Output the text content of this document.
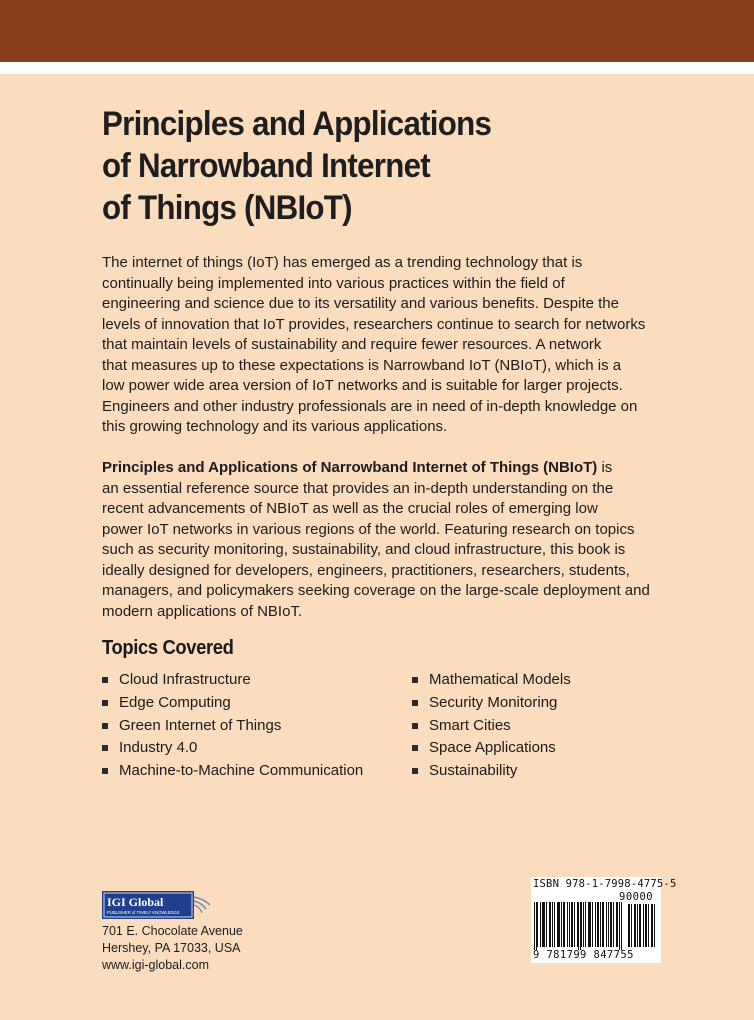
Principles and Applications
of Narrowband Internet
of Things (NBIoT)
The internet of things (IoT) has emerged as a trending technology that is
continually being implemented into various practices within the field of
engineering and science due to its versatility and various benefits. Despite the
levels of innovation that IoT provides, researchers continue to search for networks
that maintain levels of sustainability and require fewer resources. A network
that measures up to these expectations is Narrowband IoT (NBIoT), which is a
low power wide area version of IoT networks and is suitable for larger projects.
Engineers and other industry professionals are in need of in-depth knowledge on
this growing technology and its various applications.
Principles and Applications of Narrowband Internet of Things (NBIoT) is
an essential reference source that provides an in-depth understanding on the
recent advancements of NBIoT as well as the crucial roles of emerging low
power IoT networks in various regions of the world. Featuring research on topics
such as security monitoring, sustainability, and cloud infrastructure, this book is
ideally designed for developers, engineers, practitioners, researchers, students,
managers, and policymakers seeking coverage on the large-scale deployment and
modern applications of NBIoT.
Topics Covered
Cloud Infrastructure
Edge Computing
Green Internet of Things
Industry 4.0
Machine-to-Machine Communication
Mathematical Models
Security Monitoring
Smart Cities
Space Applications
Sustainability
IGI Global
PUBLISHER of TIMELY KNOWLEDGE
701 E. Chocolate Avenue
Hershey, PA 17033, USA
www.igi-global.com
ISBN 978-1-7998-4775-5
90000
9 781799 847755
